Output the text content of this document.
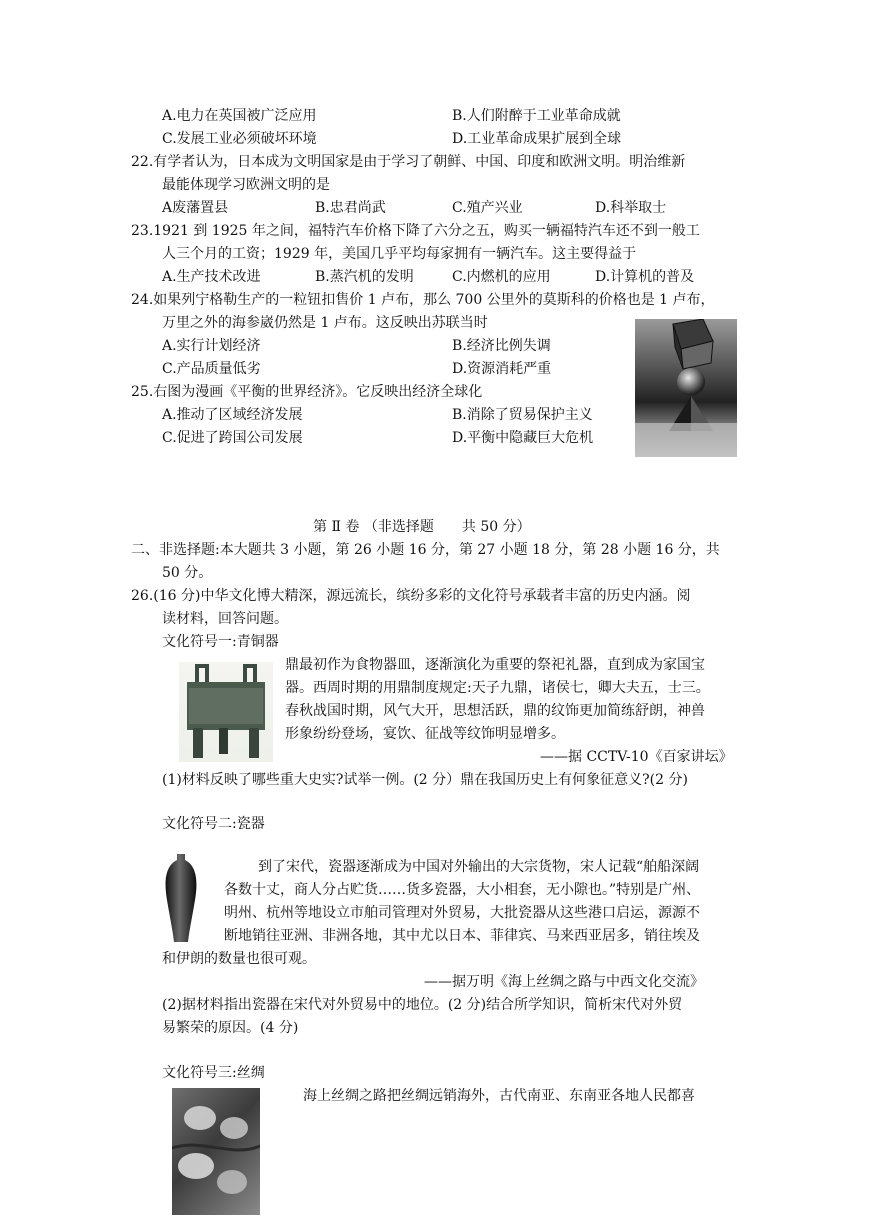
A.电力在英国被广泛应用	B.人们附醉于工业革命成就
C.发展工业必须破坏环境	D.工业革命成果扩展到全球
22.有学者认为，日本成为文明国家是由于学习了朝鲜、中国、印度和欧洲文明。明治维新
最能体现学习欧洲文明的是
A废藩置县	B.忠君尚武	C.殖产兴业	D.科举取士
23.1921 到 1925 年之间，福特汽车价格下降了六分之五，购买一辆福特汽车还不到一般工
人三个月的工资；1929 年，美国几乎平均每家拥有一辆汽车。这主要得益于
A.生产技术改进	B.蒸汽机的发明	C.内燃机的应用	D.计算机的普及
24.如果列宁格勒生产的一粒钮扣售价 1 卢布，那么 700 公里外的莫斯科的价格也是 1 卢布，
万里之外的海参崴仍然是 1 卢布。这反映出苏联当时
A.实行计划经济	B.经济比例失调
C.产品质量低劣	D.资源消耗严重
25.右图为漫画《平衡的世界经济》。它反映出经济全球化
A.推动了区域经济发展	B.消除了贸易保护主义
C.促进了跨国公司发展	D.平衡中隐藏巨大危机
第 Ⅱ 卷 （非选择题　　共 50 分）
二、非选择题:本大题共 3 小题，第 26 小题 16 分，第 27 小题 18 分，第 28 小题 16 分，共
50 分。
26.(16 分)中华文化博大精深，源远流长，缤纷多彩的文化符号承载者丰富的历史内涵。阅
读材料，回答问题。
文化符号一:青铜器
鼎最初作为食物器皿，逐渐演化为重要的祭祀礼器，直到成为家国宝
器。西周时期的用鼎制度规定:天子九鼎，诸侯七，卿大夫五，士三。
春秋战国时期，风气大开，思想活跃，鼎的纹饰更加简练舒朗，神兽
形象纷纷登场，宴饮、征战等纹饰明显增多。
——据 CCTV-10《百家讲坛》
(1)材料反映了哪些重大史实?试举一例。(2 分）鼎在我国历史上有何象征意义?(2 分)
文化符号二:瓷器
到了宋代，瓷器逐渐成为中国对外输出的大宗货物，宋人记载“舶船深阔
各数十丈，商人分占贮货……货多瓷器，大小相套，无小隙也。”特别是广州、
明州、杭州等地设立市舶司管理对外贸易，大批瓷器从这些港口启运，源源不
断地销往亚洲、非洲各地，其中尤以日本、菲律宾、马来西亚居多，销往埃及
和伊朗的数量也很可观。
——据万明《海上丝绸之路与中西文化交流》
(2)据材料指出瓷器在宋代对外贸易中的地位。(2 分)结合所学知识，简析宋代对外贸
易繁荣的原因。(4 分)
文化符号三:丝绸
海上丝绸之路把丝绸远销海外，古代南亚、东南亚各地人民都喜
